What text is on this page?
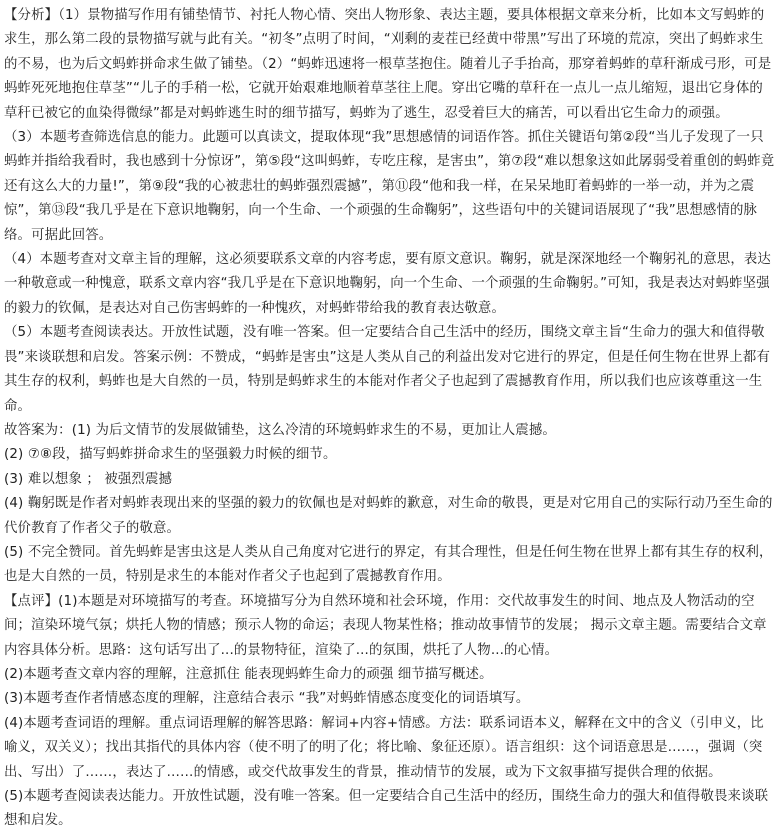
【分析】（1）景物描写作用有铺垫情节、衬托人物心情、突出人物形象、表达主题，要具体根据文章来分析，比如本文写蚂蚱的求生，那么第二段的景物描写就与此有关。“初冬”点明了时间，“刈剩的麦茬已经黄中带黑”写出了环境的荒凉，突出了蚂蚱求生的不易，也为后文蚂蚱拼命求生做了铺垫。（2）“蚂蚱迅速将一根草茎抱住。随着儿子手抬高，那穿着蚂蚱的草秆渐成弓形，可是蚂蚱死死地抱住草茎”“儿子的手稍一松，它就开始艰难地顺着草茎往上爬。穿出它嘴的草秆在一点儿一点儿缩短，退出它身体的草秆已被它的血染得微绿”都是对蚂蚱逃生时的细节描写，蚂蚱为了逃生，忍受着巨大的痛苦，可以看出它生命力的顽强。

（3）本题考查筛选信息的能力。此题可以真读文，提取体现“我”思想感情的词语作答。抓住关键语句第②段“当儿子发现了一只蚂蚱并指给我看时，我也感到十分惊讶”，第⑤段“这叫蚂蚱，专吃庄稼，是害虫”，第⑦段“难以想象这如此孱弱受着重创的蚂蚱竟还有这么大的力量!”，第⑨段“我的心被悲壮的蚂蚱强烈震撼”，第⑪段“他和我一样，在呆呆地盯着蚂蚱的一举一动，并为之震惊”，第⑬段“我几乎是在下意识地鞠躬，向一个生命、一个顽强的生命鞠躬”，这些语句中的关键词语展现了“我”思想感情的脉络。可据此回答。

（4）本题考查对文章主旨的理解，这必须要联系文章的内容考虑，要有原文意识。鞠躬，就是深深地经一个鞠躬礼的意思，表达一种敬意或一种愧意，联系文章内容“我几乎是在下意识地鞠躬，向一个生命、一个顽强的生命鞠躬。”可知，我是表达对蚂蚱坚强的毅力的钦佩，是表达对自己伤害蚂蚱的一种愧疚，对蚂蚱带给我的教育表达敬意。

（5）本题考查阅读表达。开放性试题，没有唯一答案。但一定要结合自己生活中的经历，围绕文章主旨“生命力的强大和值得敬畏”来谈联想和启发。答案示例：不赞成，“蚂蚱是害虫”这是人类从自己的利益出发对它进行的界定，但是任何生物在世界上都有其生存的权利，蚂蚱也是大自然的一员，特别是蚂蚱求生的本能对作者父子也起到了震撼教育作用，所以我们也应该尊重这一生命。

故答案为：(1) 为后文情节的发展做铺垫，这么冷清的环境蚂蚱求生的不易，更加让人震撼。

(2) ⑦⑧段，描写蚂蚱拼命求生的坚强毅力时候的细节。

(3) 难以想象 ； 被强烈震撼

(4) 鞠躬既是作者对蚂蚱表现出来的坚强的毅力的钦佩也是对蚂蚱的歉意，对生命的敬畏，更是对它用自己的实际行动乃至生命的代价教育了作者父子的敬意。

(5) 不完全赞同。首先蚂蚱是害虫这是人类从自己角度对它进行的界定，有其合理性，但是任何生物在世界上都有其生存的权利，也是大自然的一员，特别是求生的本能对作者父子也起到了震撼教育作用。

【点评】(1)本题是对环境描写的考查。环境描写分为自然环境和社会环境，作用：交代故事发生的时间、地点及人物活动的空间；渲染环境气氛；烘托人物的情感；预示人物的命运；表现人物某性格；推动故事情节的发展； 揭示文章主题。需要结合文章内容具体分析。思路：这句话写出了...的景物特征，渲染了...的氛围，烘托了人物...的心情。

(2)本题考查文章内容的理解，注意抓住 能表现蚂蚱生命力的顽强 细节描写概述。

(3)本题考查作者情感态度的理解，注意结合表示 “我”对蚂蚱情感态度变化的词语填写。

(4)本题考查词语的理解。重点词语理解的解答思路：解词+内容+情感。方法：联系词语本义，解释在文中的含义（引申义，比喻义，双关义）；找出其指代的具体内容（使不明了的明了化；将比喻、象征还原）。语言组织：这个词语意思是……，强调（突出、写出）了……，表达了……的情感，或交代故事发生的背景，推动情节的发展，或为下文叙事描写提供合理的依据。

(5)本题考查阅读表达能力。开放性试题，没有唯一答案。但一定要结合自己生活中的经历，围绕生命力的强大和值得敬畏来谈联想和启发。
